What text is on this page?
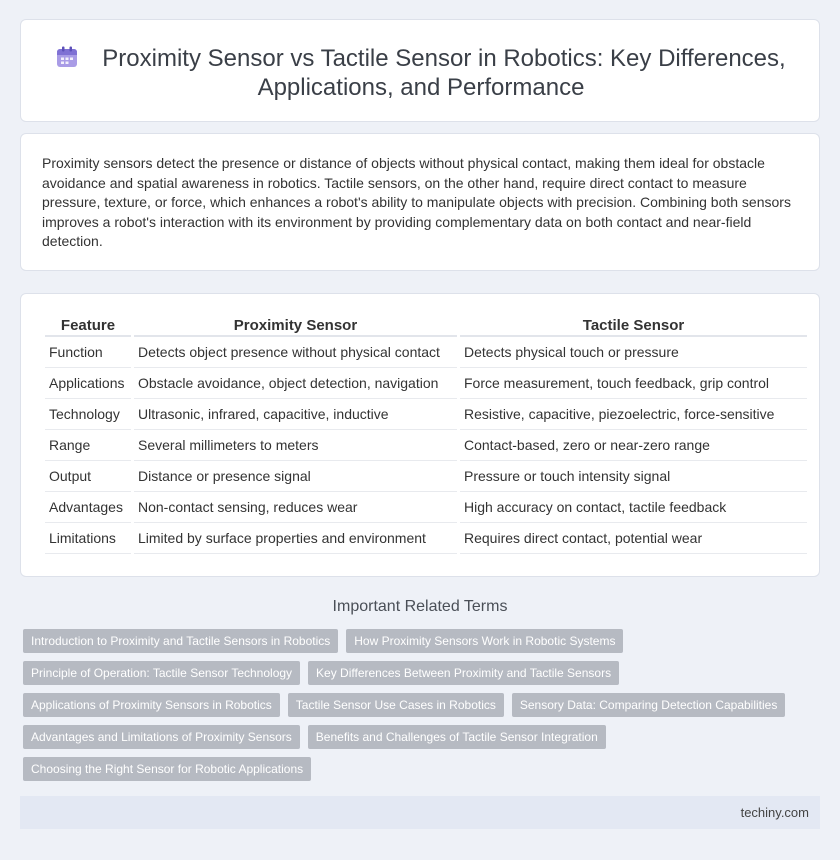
Proximity Sensor vs Tactile Sensor in Robotics: Key Differences,
Applications, and Performance

Proximity sensors detect the presence or distance of objects without physical contact, making them ideal for obstacle avoidance and spatial awareness in robotics. Tactile sensors, on the other hand, require direct contact to measure pressure, texture, or force, which enhances a robot's ability to manipulate objects with precision. Combining both sensors improves a robot's interaction with its environment by providing complementary data on both contact and near-field detection.

Feature	Proximity Sensor	Tactile Sensor
Function	Detects object presence without physical contact	Detects physical touch or pressure
Applications	Obstacle avoidance, object detection, navigation	Force measurement, touch feedback, grip control
Technology	Ultrasonic, infrared, capacitive, inductive	Resistive, capacitive, piezoelectric, force-sensitive
Range	Several millimeters to meters	Contact-based, zero or near-zero range
Output	Distance or presence signal	Pressure or touch intensity signal
Advantages	Non-contact sensing, reduces wear	High accuracy on contact, tactile feedback
Limitations	Limited by surface properties and environment	Requires direct contact, potential wear
Important Related Terms
Introduction to Proximity and Tactile Sensors in Robotics	How Proximity Sensors Work in Robotic Systems
Principle of Operation: Tactile Sensor Technology	Key Differences Between Proximity and Tactile Sensors
Applications of Proximity Sensors in Robotics	Tactile Sensor Use Cases in Robotics	Sensory Data: Comparing Detection Capabilities
Advantages and Limitations of Proximity Sensors	Benefits and Challenges of Tactile Sensor Integration
Choosing the Right Sensor for Robotic Applications
techiny.com
